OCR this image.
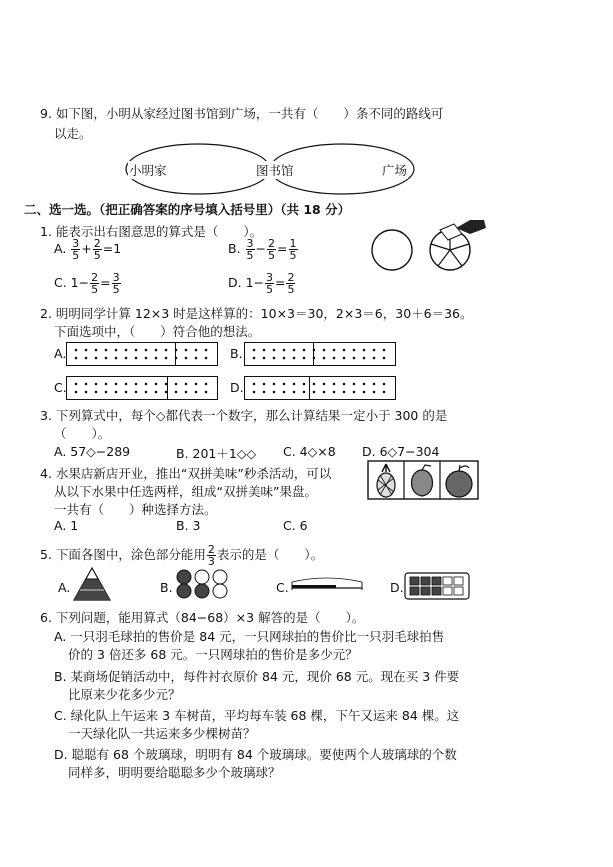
9. 如下图，小明从家经过图书馆到广场，一共有（　　）条不同的路线可
以走。
小明家	图书馆	广场
二、选一选。（把正确答案的序号填入括号里）（共 18 分）
1. 能表示出右图意思的算式是（　　）。
A. $\frac{3}{5} + \frac{2}{5} =1$	B. $\frac{3}{5} - \frac{2}{5} = \frac{1}{5}$
C. $1- \frac{2}{5} = \frac{3}{5}$	D. $1- \frac{3}{5} = \frac{2}{5}$
2. 明明同学计算 12×3 时是这样算的：10×3＝30，2×3＝6，30＋6＝36。
下面选项中，（　　）符合他的想法。
A.	B.
C.	D.
3. 下列算式中，每个◇都代表一个数字，那么计算结果一定小于 300 的是
（　　）。
A. 57◇−289	B. 201＋1◇◇ C. 4◇×8 D. 6◇7−304
4. 水果店新店开业，推出“双拼美味”秒杀活动，可以
从以下水果中任选两样，组成“双拼美味”果盘。
一共有（　　）种选择方法。
A. 1	B. 3	C. 6
5. 下面各图中，涂色部分能用 $\frac{2}{3}$ 表示的是（　　）。
A.	B.	C.	D.
6. 下列问题，能用算式（84−68）×3 解答的是（　　）。
A. 一只羽毛球拍的售价是 84 元，一只网球拍的售价比一只羽毛球拍售
价的 3 倍还多 68 元。一只网球拍的售价是多少元？
B. 某商场促销活动中，每件衬衣原价 84 元，现价 68 元。现在买 3 件要
比原来少花多少元？
C. 绿化队上午运来 3 车树苗，平均每车装 68 棵，下午又运来 84 棵。这
一天绿化队一共运来多少棵树苗？
D. 聪聪有 68 个玻璃球，明明有 84 个玻璃球。要使两个人玻璃球的个数
同样多，明明要给聪聪多少个玻璃球？
